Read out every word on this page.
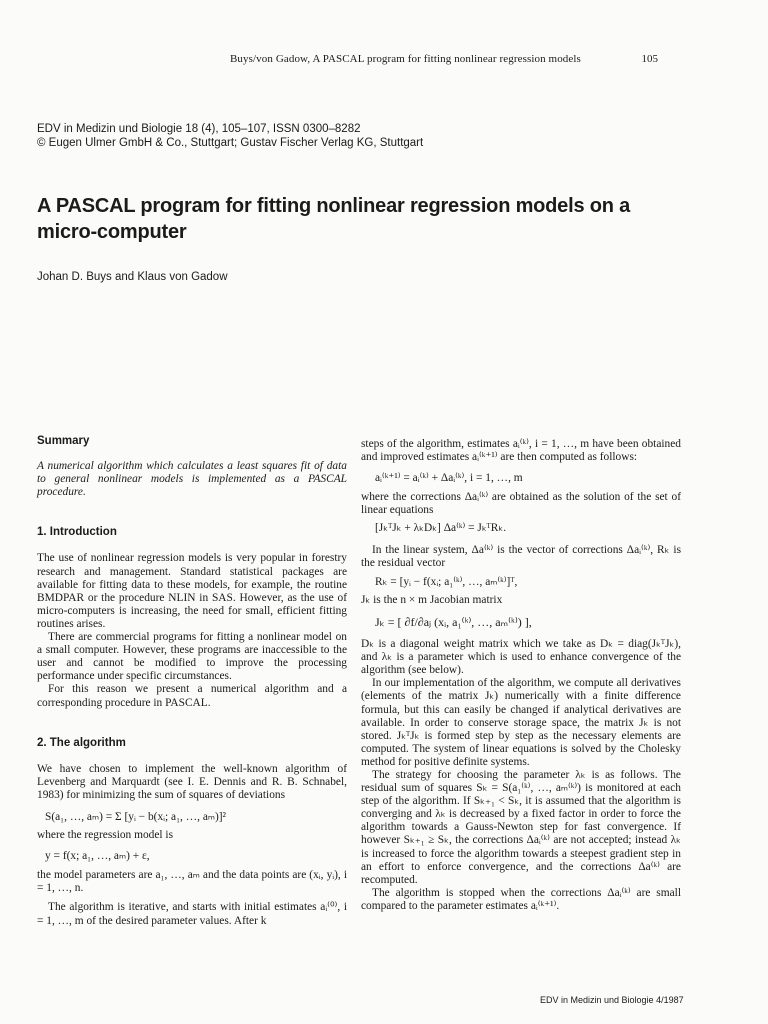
Buys/von Gadow, A PASCAL program for fitting nonlinear regression models	105
EDV in Medizin und Biologie 18 (4), 105–107, ISSN 0300–8282
© Eugen Ulmer GmbH & Co., Stuttgart; Gustav Fischer Verlag KG, Stuttgart
A PASCAL program for fitting nonlinear regression models on a
micro-computer
Johan D. Buys and Klaus von Gadow
Summary

A numerical algorithm which calculates a least squares fit of data to general nonlinear models is implemented as a PASCAL procedure.

1. Introduction

The use of nonlinear regression models is very popular in forestry research and management. Standard statistical packages are available for fitting data to these models, for example, the routine BMDPAR or the procedure NLIN in SAS. However, as the use of micro-computers is increasing, the need for small, efficient fitting routines arises.

There are commercial programs for fitting a nonlinear model on a small computer. However, these programs are inaccessible to the user and cannot be modified to improve the processing performance under specific circumstances.

For this reason we present a numerical algorithm and a corresponding procedure in PASCAL.

2. The algorithm

We have chosen to implement the well-known algorithm of Levenberg and Marquardt (see I. E. Dennis and R. B. Schnabel, 1983) for minimizing the sum of squares of deviations

S(a₁, …, aₘ) = Σ [yᵢ − b(xᵢ; a₁, …, aₘ)]²

where the regression model is

y = f(x; a₁, …, aₘ) + ε,

the model parameters are a₁, …, aₘ and the data points are (xᵢ, yᵢ), i = 1, …, n.

The algorithm is iterative, and starts with initial estimates aᵢ⁽⁰⁾, i = 1, …, m of the desired parameter values. After k

steps of the algorithm, estimates aᵢ⁽ᵏ⁾, i = 1, …, m have been obtained and improved estimates aᵢ⁽ᵏ⁺¹⁾ are then computed as follows:

aᵢ⁽ᵏ⁺¹⁾ = aᵢ⁽ᵏ⁾ + Δaᵢ⁽ᵏ⁾, i = 1, …, m

where the corrections Δaᵢ⁽ᵏ⁾ are obtained as the solution of the set of linear equations

[JₖᵀJₖ + λₖDₖ] Δa⁽ᵏ⁾ = JₖᵀRₖ.

In the linear system, Δa⁽ᵏ⁾ is the vector of corrections Δaᵢ⁽ᵏ⁾, Rₖ is the residual vector

Rₖ = [yᵢ − f(xᵢ; a₁⁽ᵏ⁾, …, aₘ⁽ᵏ⁾]ᵀ,

Jₖ is the n × m Jacobian matrix

Jₖ = [ ∂f/∂aⱼ (xᵢ, a₁⁽ᵏ⁾, …, aₘ⁽ᵏ⁾) ],

Dₖ is a diagonal weight matrix which we take as Dₖ = diag(JₖᵀJₖ), and λₖ is a parameter which is used to enhance convergence of the algorithm (see below).

In our implementation of the algorithm, we compute all derivatives (elements of the matrix Jₖ) numerically with a finite difference formula, but this can easily be changed if analytical derivatives are available. In order to conserve storage space, the matrix Jₖ is not stored. JₖᵀJₖ is formed step by step as the necessary elements are computed. The system of linear equations is solved by the Cholesky method for positive definite systems.

The strategy for choosing the parameter λₖ is as follows. The residual sum of squares Sₖ = S(a₁⁽ᵏ⁾, …, aₘ⁽ᵏ⁾) is monitored at each step of the algorithm. If Sₖ₊₁ < Sₖ, it is assumed that the algorithm is converging and λₖ is decreased by a fixed factor in order to force the algorithm towards a Gauss-Newton step for fast convergence. If however Sₖ₊₁ ≥ Sₖ, the corrections Δaᵢ⁽ᵏ⁾ are not accepted; instead λₖ is increased to force the algorithm towards a steepest gradient step in an effort to enforce convergence, and the corrections Δa⁽ᵏ⁾ are recomputed.

The algorithm is stopped when the corrections Δaᵢ⁽ᵏ⁾ are small compared to the parameter estimates aᵢ⁽ᵏ⁺¹⁾.

EDV in Medizin und Biologie 4/1987
